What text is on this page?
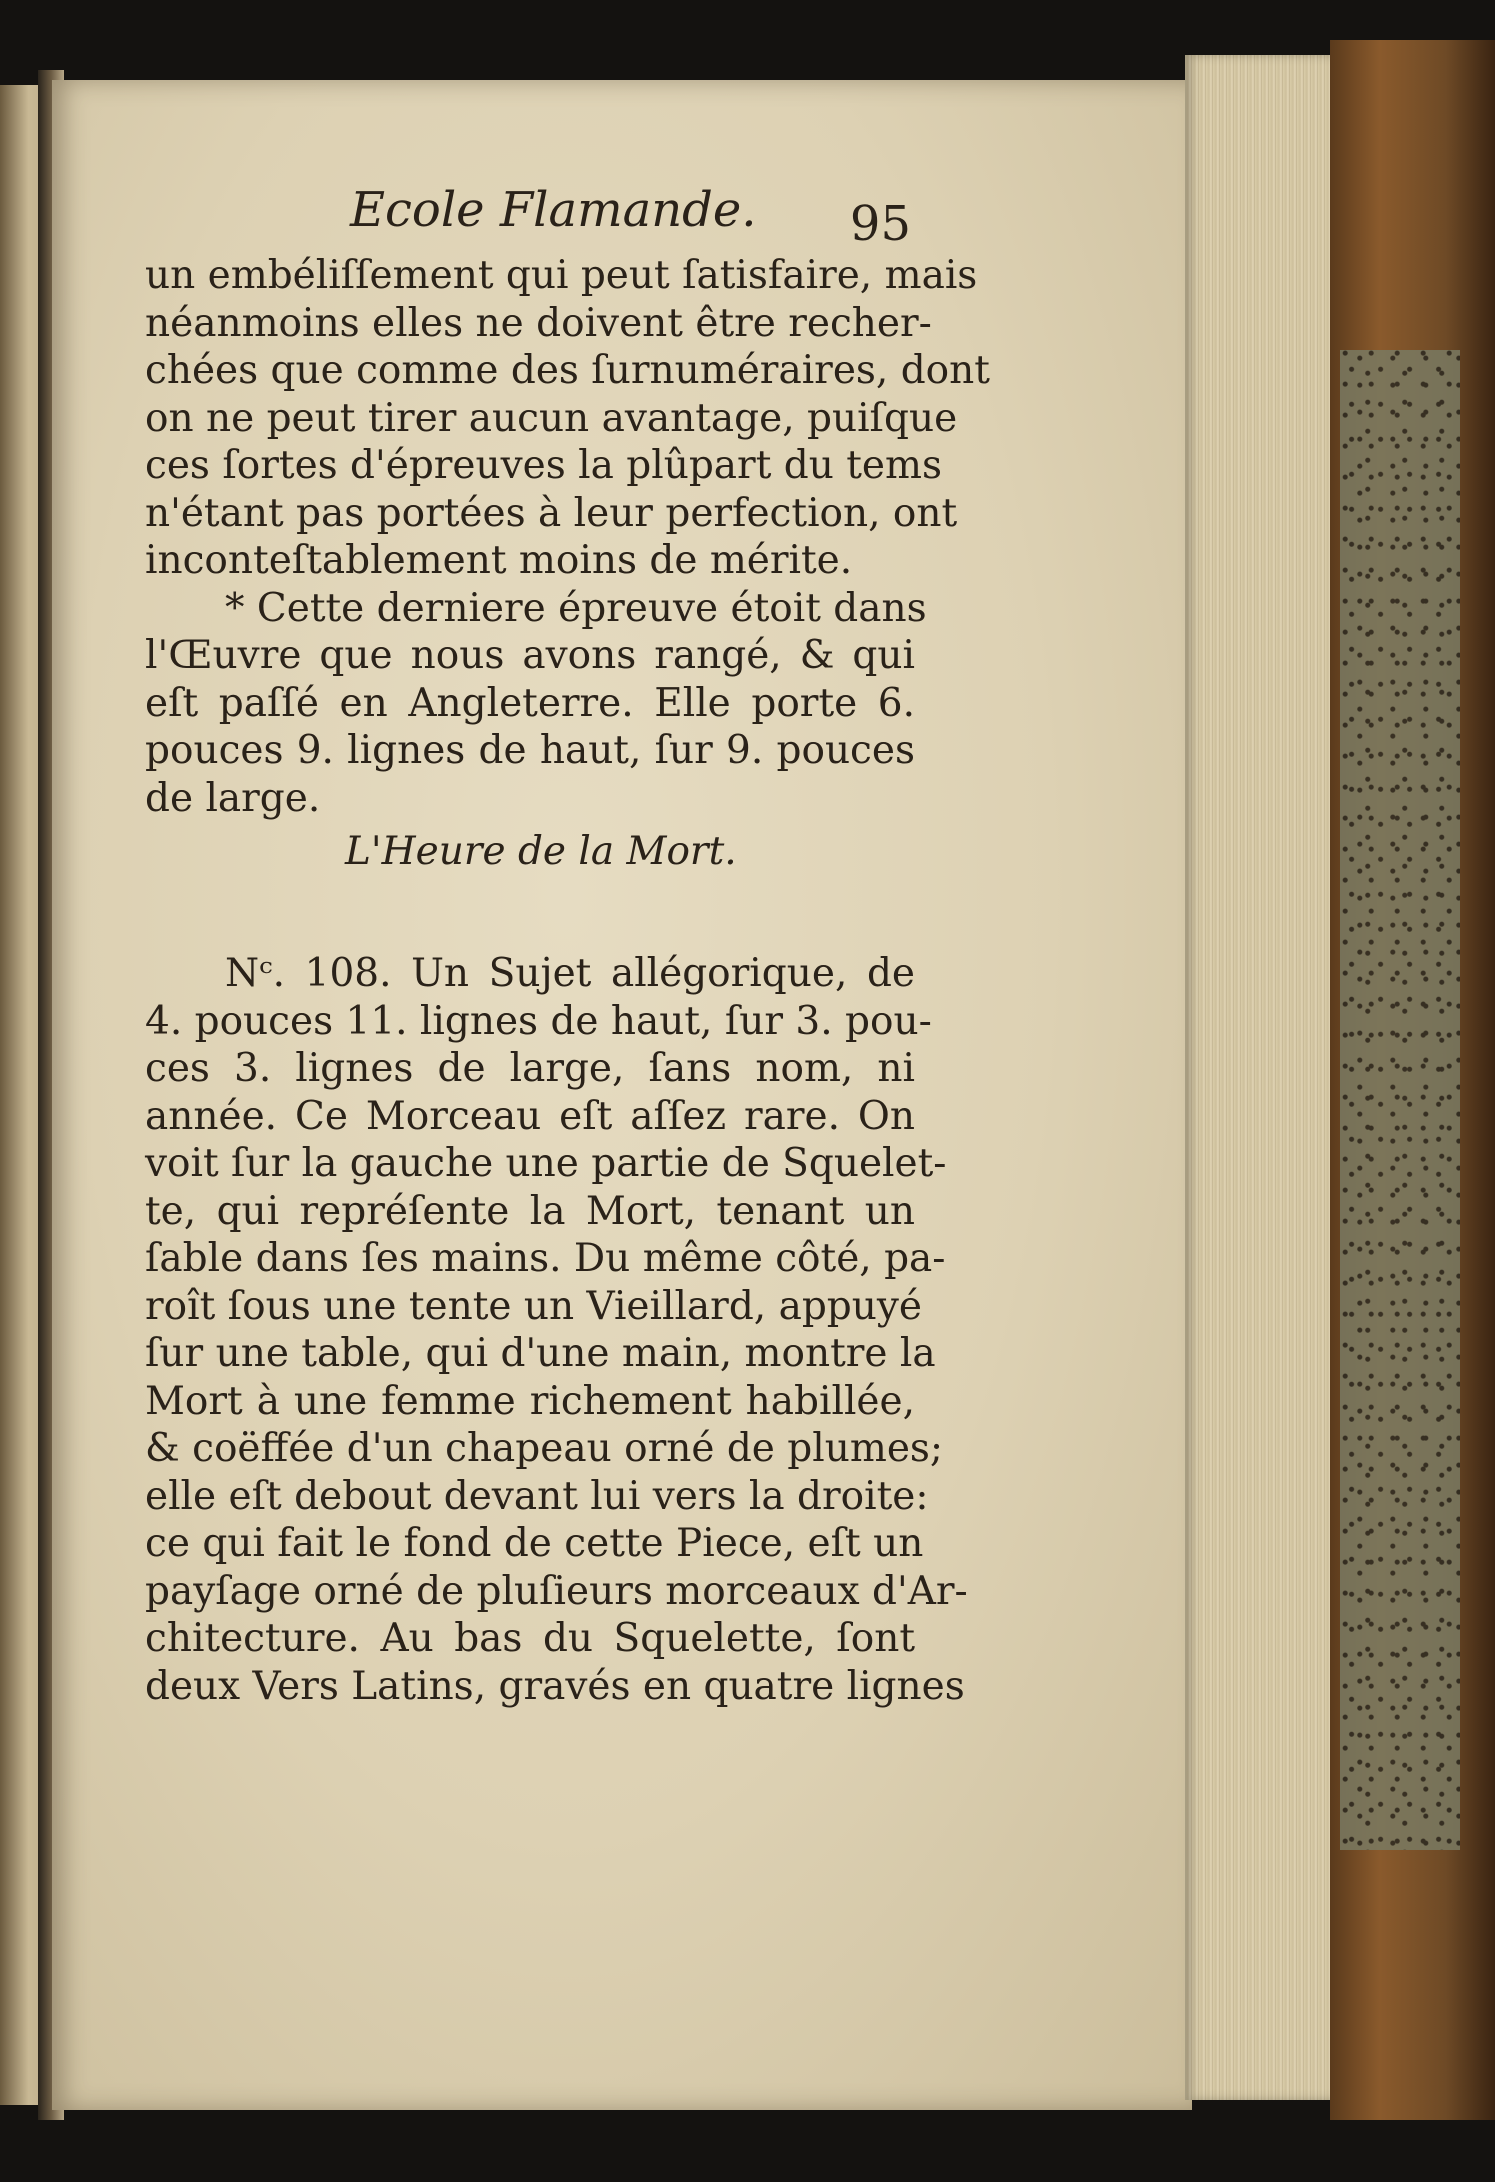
Ecole Flamande. 95
un embéliſſement qui peut ſatisfaire, mais
néanmoins elles ne doivent être recher-
chées que comme des ſurnuméraires, dont
on ne peut tirer aucun avantage, puiſque
ces ſortes d'épreuves la plûpart du tems
n'étant pas portées à leur perfection, ont
inconteſtablement moins de mérite.
* Cette derniere épreuve étoit dans
l'Œuvre que nous avons rangé, & qui
eſt paſſé en Angleterre. Elle porte 6.
pouces 9. lignes de haut, ſur 9. pouces
de large.
L'Heure de la Mort.
Nᶜ. 108. Un Sujet allégorique, de
4. pouces 11. lignes de haut, ſur 3. pou-
ces 3. lignes de large, ſans nom, ni
année. Ce Morceau eſt aſſez rare. On
voit ſur la gauche une partie de Squelet-
te, qui repréſente la Mort, tenant un
ſable dans ſes mains. Du même côté, pa-
roît ſous une tente un Vieillard, appuyé
ſur une table, qui d'une main, montre la
Mort à une femme richement habillée,
& coëffée d'un chapeau orné de plumes;
elle eſt debout devant lui vers la droite:
ce qui fait le fond de cette Piece, eſt un
payſage orné de pluſieurs morceaux d'Ar-
chitecture. Au bas du Squelette, ſont
deux Vers Latins, gravés en quatre lignes
